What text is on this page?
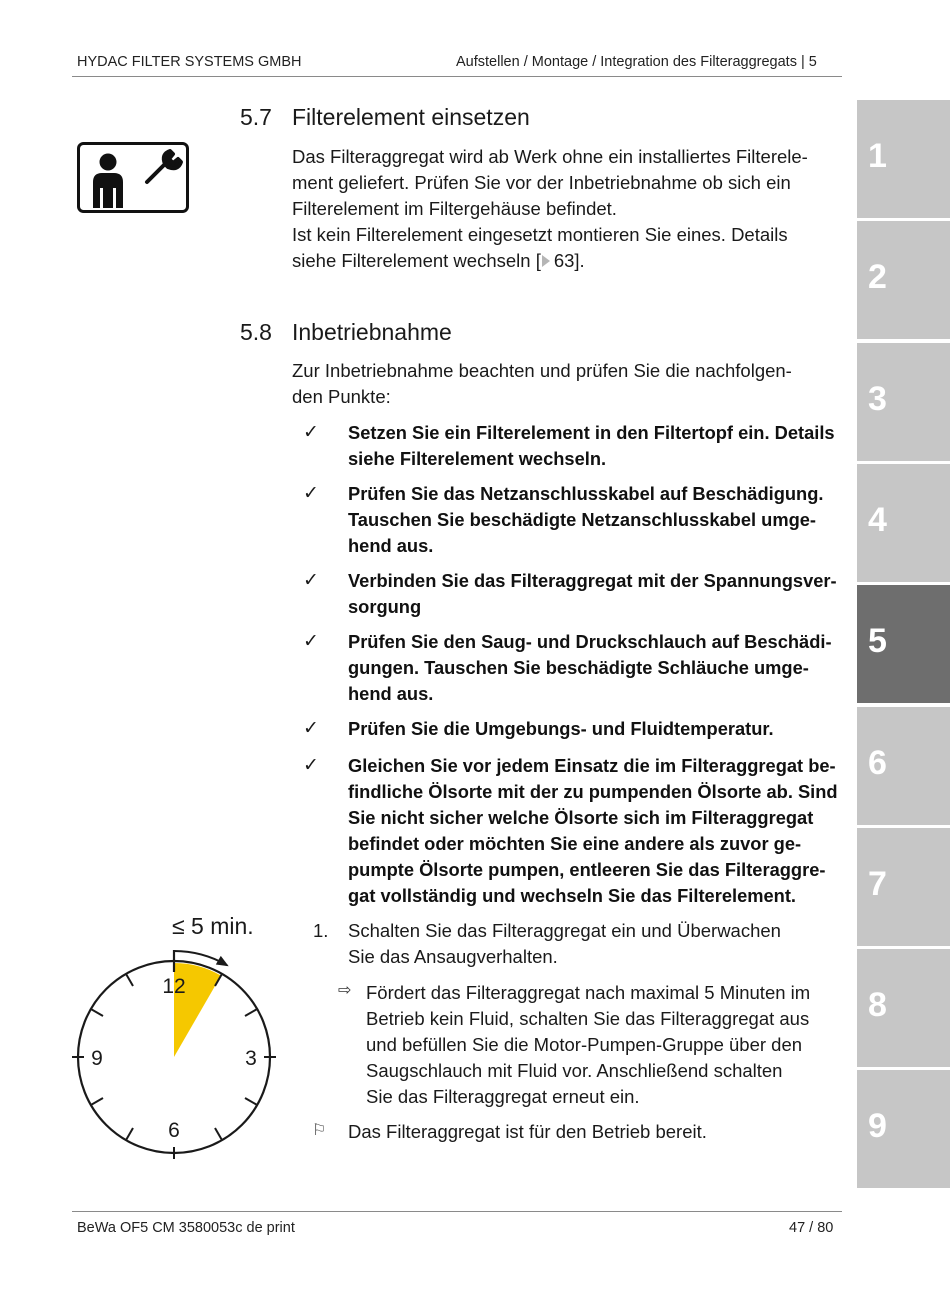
HYDAC FILTER SYSTEMS GMBH	Aufstellen / Montage / Integration des Filteraggregats | 5
5.7 Filterelement einsetzen
Das Filteraggregat wird ab Werk ohne ein installiertes Filterele-
ment geliefert. Prüfen Sie vor der Inbetriebnahme ob sich ein
Filterelement im Filtergehäuse befindet.
Ist kein Filterelement eingesetzt montieren Sie eines. Details
siehe Filterelement wechseln [ 63].
5.8 Inbetriebnahme
Zur Inbetriebnahme beachten und prüfen Sie die nachfolgen-
den Punkte:
✓ Setzen Sie ein Filterelement in den Filtertopf ein. Details
siehe Filterelement wechseln.
✓ Prüfen Sie das Netzanschlusskabel auf Beschädigung.
Tauschen Sie beschädigte Netzanschlusskabel umge-
hend aus.
✓ Verbinden Sie das Filteraggregat mit der Spannungsver-
sorgung
✓ Prüfen Sie den Saug- und Druckschlauch auf Beschädi-
gungen. Tauschen Sie beschädigte Schläuche umge-
hend aus.
✓ Prüfen Sie die Umgebungs- und Fluidtemperatur.
✓ Gleichen Sie vor jedem Einsatz die im Filteraggregat be-
findliche Ölsorte mit der zu pumpenden Ölsorte ab. Sind
Sie nicht sicher welche Ölsorte sich im Filteraggregat
befindet oder möchten Sie eine andere als zuvor ge-
pumpte Ölsorte pumpen, entleeren Sie das Filteraggre-
gat vollständig und wechseln Sie das Filterelement.
1. Schalten Sie das Filteraggregat ein und Überwachen
Sie das Ansaugverhalten.
⇨ Fördert das Filteraggregat nach maximal 5 Minuten im
Betrieb kein Fluid, schalten Sie das Filteraggregat aus
und befüllen Sie die Motor-Pumpen-Gruppe über den
Saugschlauch mit Fluid vor. Anschließend schalten
Sie das Filteraggregat erneut ein.
⚐ Das Filteraggregat ist für den Betrieb bereit.
≤ 5 min.
12
3
6
9
1
2
3
4
5
6
7
8
9
BeWa OF5 CM 3580053c de print	47 / 80
